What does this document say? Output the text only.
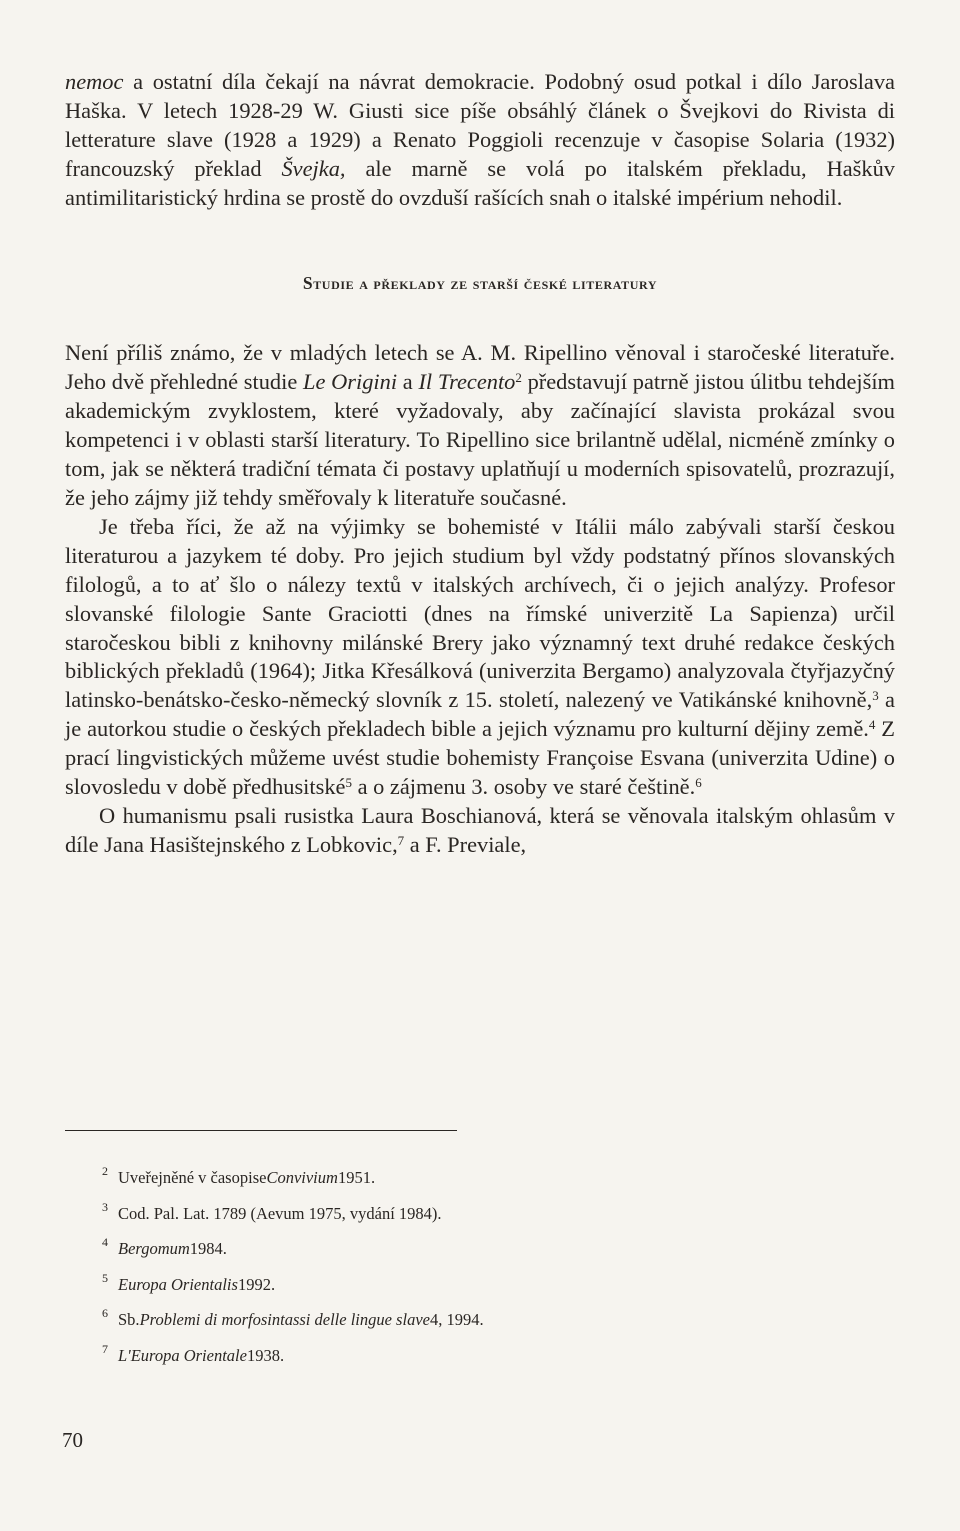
nemoc a ostatní díla čekají na návrat demokracie. Podobný osud potkal i dílo Jaroslava Haška. V letech 1928-29 W. Giusti sice píše obsáhlý článek o Švejkovi do Rivista di letterature slave (1928 a 1929) a Renato Poggioli recenzuje v časopise Solaria (1932) francouzský překlad Švejka, ale marně se volá po italském překladu, Haškův antimilitaristický hrdina se prostě do ovzduší rašících snah o italské impérium nehodil.

Studie a překlady ze starší české literatury

Není příliš známo, že v mladých letech se A. M. Ripellino věnoval i staročeské literatuře. Jeho dvě přehledné studie Le Origini a Il Trecento$^2$ představují patrně jistou úlitbu tehdejším akademickým zvyklostem, které vyžadovaly, aby začínající slavista prokázal svou kompetenci i v oblasti starší literatury. To Ripellino sice brilantně udělal, nicméně zmínky o tom, jak se některá tradiční témata či postavy uplatňují u moderních spisovatelů, prozrazují, že jeho zájmy již tehdy směřovaly k literatuře současné.

Je třeba říci, že až na výjimky se bohemisté v Itálii málo zabývali starší českou literaturou a jazykem té doby. Pro jejich studium byl vždy podstatný přínos slovanských filologů, a to ať šlo o nálezy textů v italských archívech, či o jejich analýzy. Profesor slovanské filologie Sante Graciotti (dnes na římské univerzitě La Sapienza) určil staročeskou bibli z knihovny milánské Brery jako významný text druhé redakce českých biblických překladů (1964); Jitka Křesálková (univerzita Bergamo) analyzovala čtyřjazyčný latinsko-benátsko-česko-německý slovník z 15. století, nalezený ve Vatikánské knihovně,$^3$ a je autorkou studie o českých překladech bible a jejich významu pro kulturní dějiny země.$^4$ Z prací lingvistických můžeme uvést studie bohemisty Françoise Esvana (univerzita Udine) o slovosledu v době předhusitské$^5$ a o zájmenu 3. osoby ve staré češtině.$^6$

O humanismu psali rusistka Laura Boschianová, která se věnovala italským ohlasům v díle Jana Hasištejnského z Lobkovic,$^7$ a F. Previale,

2 Uveřejněné v časopise Convivium 1951.
3 Cod. Pal. Lat. 1789 (Aevum 1975, vydání 1984).
4 Bergomum 1984.
5 Europa Orientalis 1992.
6 Sb. Problemi di morfosintassi delle lingue slave 4, 1994.
7 L'Europa Orientale 1938.
70
